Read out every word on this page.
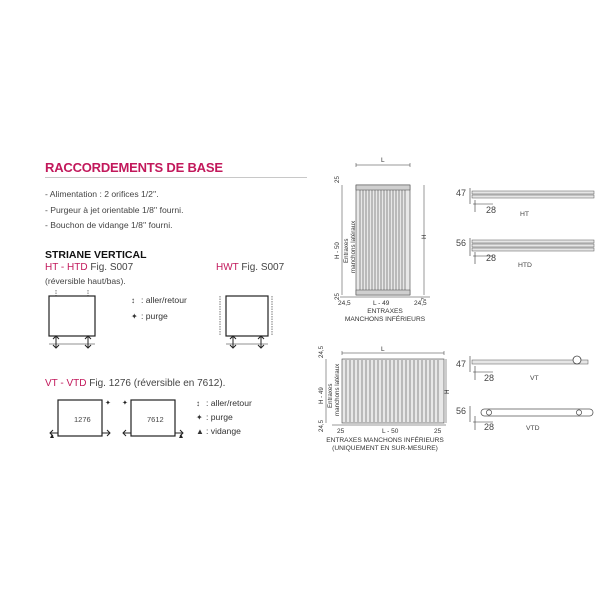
RACCORDEMENTS DE BASE
- Alimentation : 2 orifices 1/2''.
- Purgeur à jet orientable 1/8'' fourni.
- Bouchon de vidange 1/8'' fourni.
STRIANE VERTICAL
HT - HTD Fig. S007
(réversible haut/bas).
HWT Fig. S007
↕ : aller/retour
✦ : purge
VT - VTD Fig. 1276 (réversible en 7612).
✦
1276
✦
7612
↕ : aller/retour
✦ : purge
▲ : vidange
L
25
H - 50 Entraxes manchons latéraux
25
H
7
24,5	L - 49	24,5
ENTRAXES
MANCHONS INFÉRIEURS
L
24,5
H - 49 Entraxes manchons latéraux
24,5
H
25	L - 50	25
ENTRAXES MANCHONS INFÉRIEURS
(UNIQUEMENT EN SUR-MESURE)
47
28	HT
56
28
HTD
47
28	VT
56
28	VTD
